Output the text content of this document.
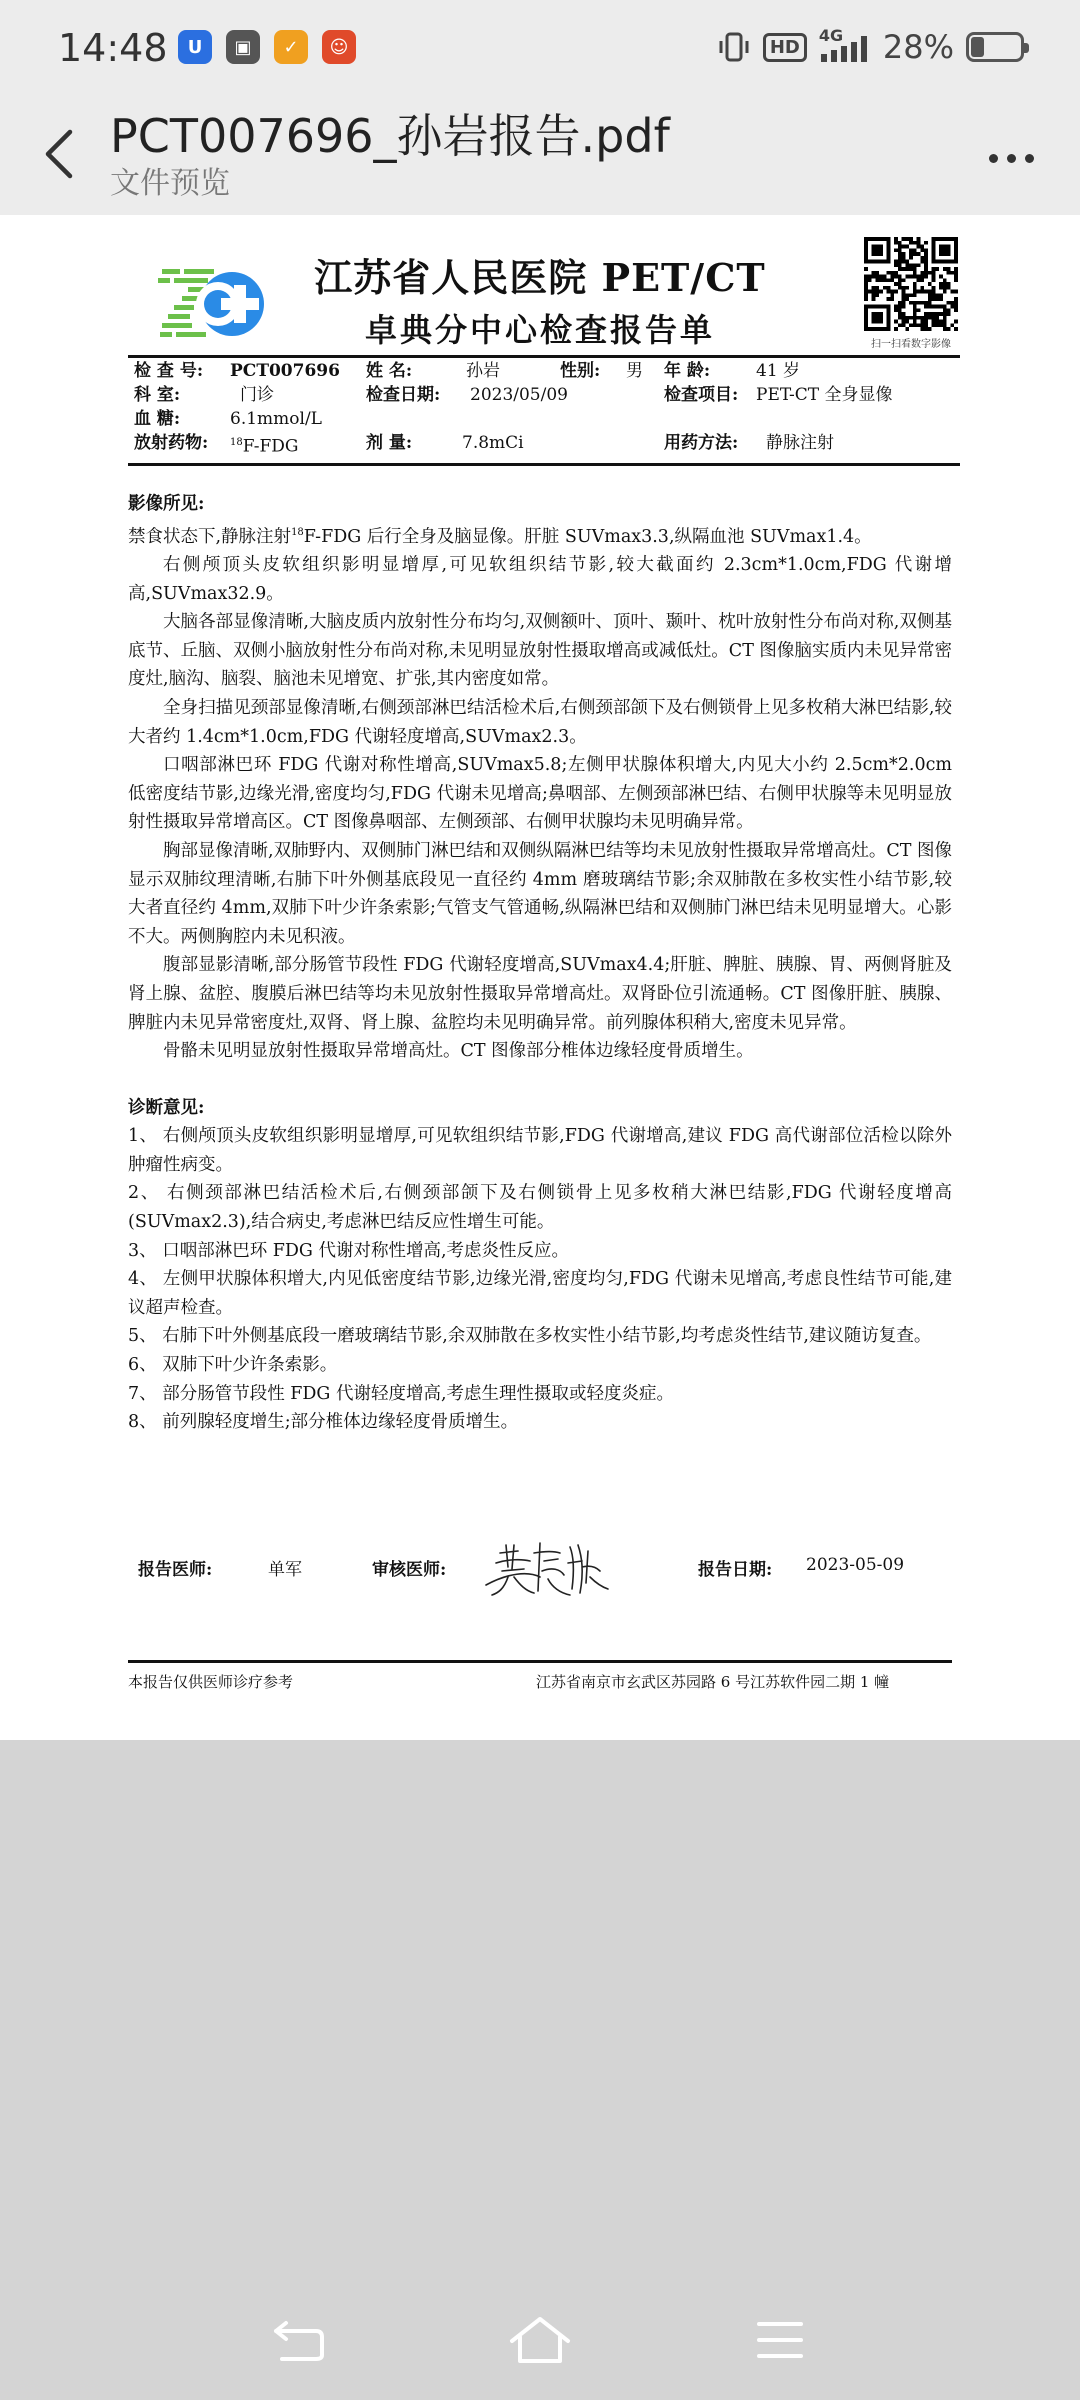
14:48	U	▣	✓	☺	HD
4G 28%
PCT007696_孙岩报告.pdf
文件预览
江苏省人民医院 PET/CT
卓典分中心检查报告单	扫一扫看数字影像
检 查 号: PCT007696 姓 名:	孙岩	性别: 男 年 龄:	41 岁
科 室:	门诊	检查日期: 2023/05/09	检查项目: PET-CT 全身显像
血 糖:	6.1mmol/L
放射药物: $^{18}$F-FDG	剂 量:	7.8mCi	用药方法: 静脉注射
影像所见:
禁食状态下,静脉注射$^{18}$F-FDG 后行全身及脑显像。肝脏 SUVmax3.3,纵隔血池 SUVmax1.4。
右侧颅顶头皮软组织影明显增厚,可见软组织结节影,较大截面约 2.3cm*1.0cm,FDG 代谢增高,SUVmax32.9。
大脑各部显像清晰,大脑皮质内放射性分布均匀,双侧额叶、顶叶、颞叶、枕叶放射性分布尚对称,双侧基底节、丘脑、双侧小脑放射性分布尚对称,未见明显放射性摄取增高或减低灶。CT 图像脑实质内未见异常密度灶,脑沟、脑裂、脑池未见增宽、扩张,其内密度如常。
全身扫描见颈部显像清晰,右侧颈部淋巴结活检术后,右侧颈部颌下及右侧锁骨上见多枚稍大淋巴结影,较大者约 1.4cm*1.0cm,FDG 代谢轻度增高,SUVmax2.3。
口咽部淋巴环 FDG 代谢对称性增高,SUVmax5.8;左侧甲状腺体积增大,内见大小约 2.5cm*2.0cm 低密度结节影,边缘光滑,密度均匀,FDG 代谢未见增高;鼻咽部、左侧颈部淋巴结、右侧甲状腺等未见明显放射性摄取异常增高区。CT 图像鼻咽部、左侧颈部、右侧甲状腺均未见明确异常。
胸部显像清晰,双肺野内、双侧肺门淋巴结和双侧纵隔淋巴结等均未见放射性摄取异常增高灶。CT 图像显示双肺纹理清晰,右肺下叶外侧基底段见一直径约 4mm 磨玻璃结节影;余双肺散在多枚实性小结节影,较大者直径约 4mm,双肺下叶少许条索影;气管支气管通畅,纵隔淋巴结和双侧肺门淋巴结未见明显增大。心影不大。两侧胸腔内未见积液。
腹部显影清晰,部分肠管节段性 FDG 代谢轻度增高,SUVmax4.4;肝脏、脾脏、胰腺、胃、两侧肾脏及肾上腺、盆腔、腹膜后淋巴结等均未见放射性摄取异常增高灶。双肾卧位引流通畅。CT 图像肝脏、胰腺、脾脏内未见异常密度灶,双肾、肾上腺、盆腔均未见明确异常。前列腺体积稍大,密度未见异常。
骨骼未见明显放射性摄取异常增高灶。CT 图像部分椎体边缘轻度骨质增生。
诊断意见:
1、 右侧颅顶头皮软组织影明显增厚,可见软组织结节影,FDG 代谢增高,建议 FDG 高代谢部位活检以除外肿瘤性病变。
2、 右侧颈部淋巴结活检术后,右侧颈部颌下及右侧锁骨上见多枚稍大淋巴结影,FDG 代谢轻度增高(SUVmax2.3),结合病史,考虑淋巴结反应性增生可能。
3、 口咽部淋巴环 FDG 代谢对称性增高,考虑炎性反应。
4、 左侧甲状腺体积增大,内见低密度结节影,边缘光滑,密度均匀,FDG 代谢未见增高,考虑良性结节可能,建议超声检查。
5、 右肺下叶外侧基底段一磨玻璃结节影,余双肺散在多枚实性小结节影,均考虑炎性结节,建议随访复查。
6、 双肺下叶少许条索影。
7、 部分肠管节段性 FDG 代谢轻度增高,考虑生理性摄取或轻度炎症。
8、 前列腺轻度增生;部分椎体边缘轻度骨质增生。
报告医师:	单军	审核医师:	报告日期: 2023-05-09
本报告仅供医师诊疗参考	江苏省南京市玄武区苏园路 6 号江苏软件园二期 1 幢
